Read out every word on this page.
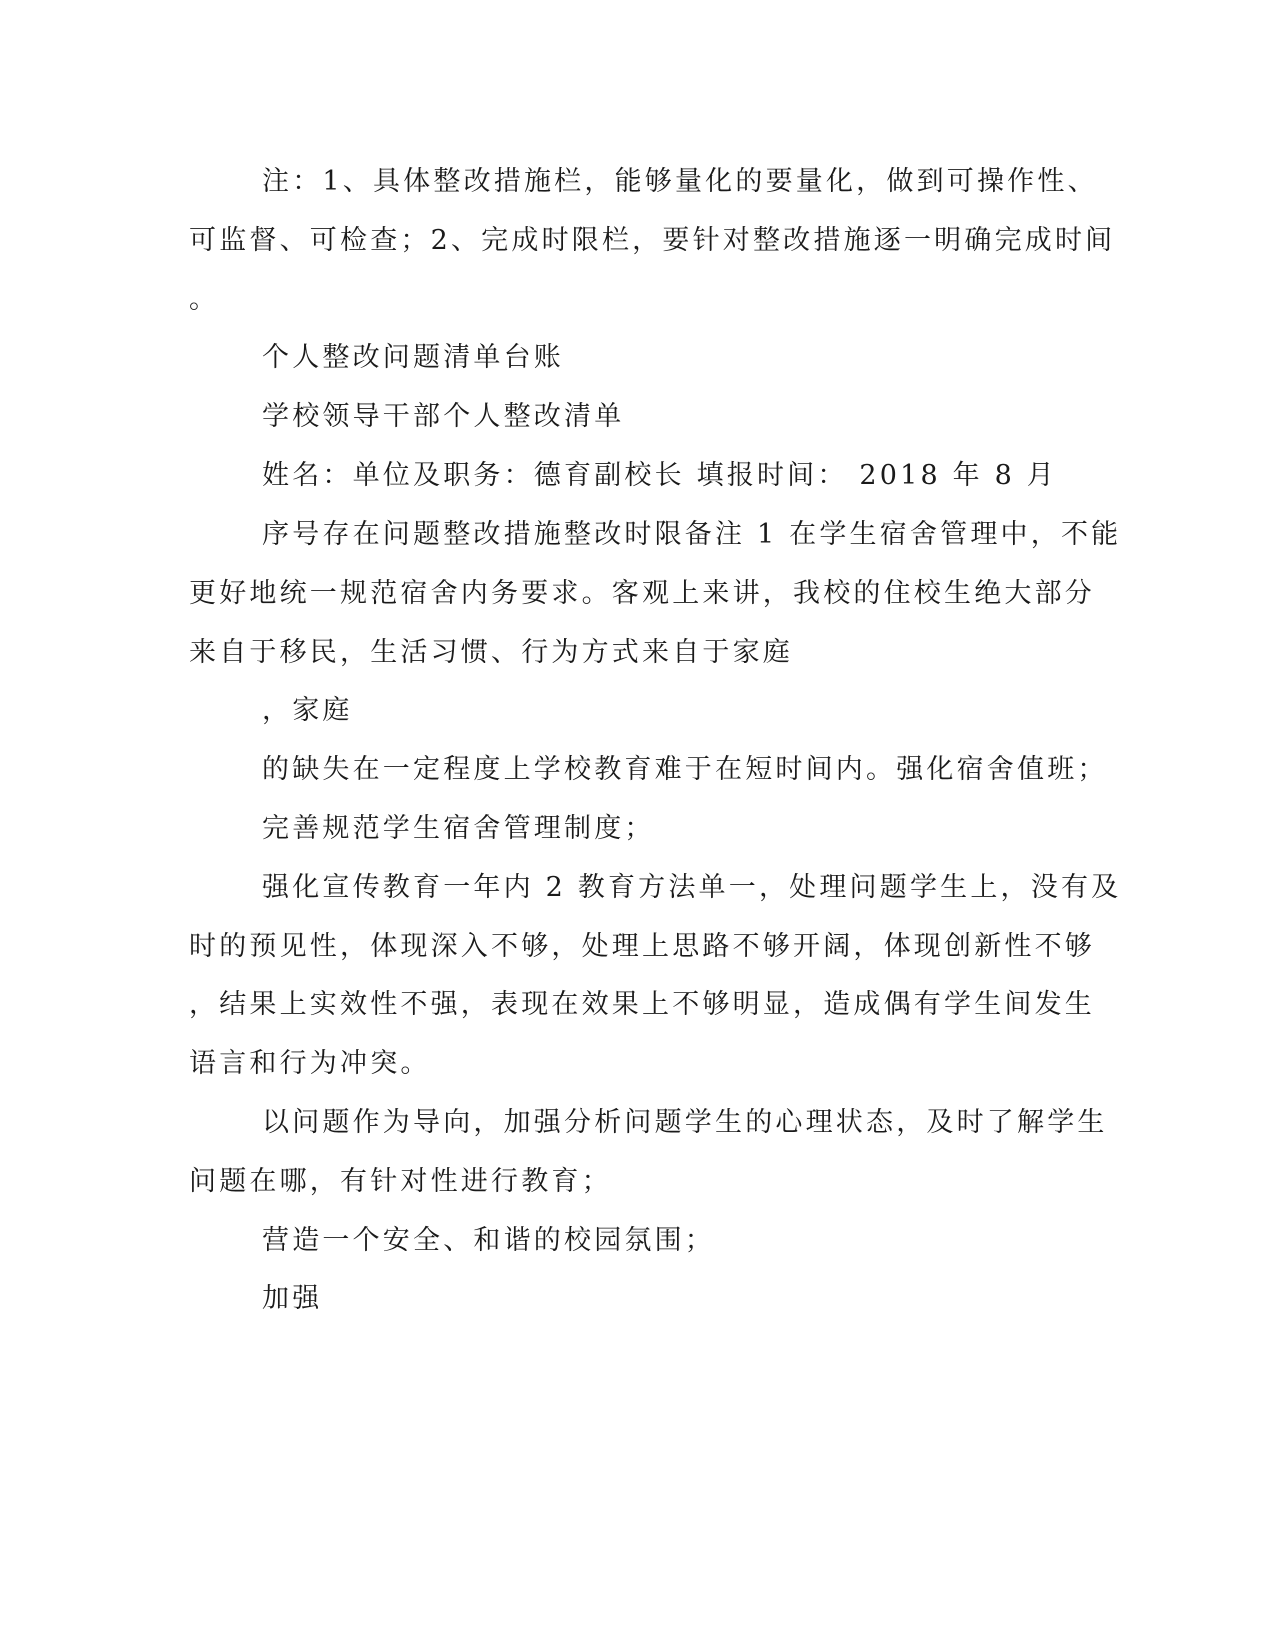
注：1、具体整改措施栏，能够量化的要量化，做到可操作性、
可监督、可检查；2、完成时限栏，要针对整改措施逐一明确完成时间
。
个人整改问题清单台账
学校领导干部个人整改清单
姓名：单位及职务：德育副校长 填报时间： 2018 年 8 月
序号存在问题整改措施整改时限备注 1 在学生宿舍管理中，不能
更好地统一规范宿舍内务要求。客观上来讲，我校的住校生绝大部分
来自于移民，生活习惯、行为方式来自于家庭
，家庭
的缺失在一定程度上学校教育难于在短时间内。强化宿舍值班；
完善规范学生宿舍管理制度；
强化宣传教育一年内 2 教育方法单一，处理问题学生上，没有及
时的预见性，体现深入不够，处理上思路不够开阔，体现创新性不够
，结果上实效性不强，表现在效果上不够明显，造成偶有学生间发生
语言和行为冲突。
以问题作为导向，加强分析问题学生的心理状态，及时了解学生
问题在哪，有针对性进行教育；
营造一个安全、和谐的校园氛围；
加强
